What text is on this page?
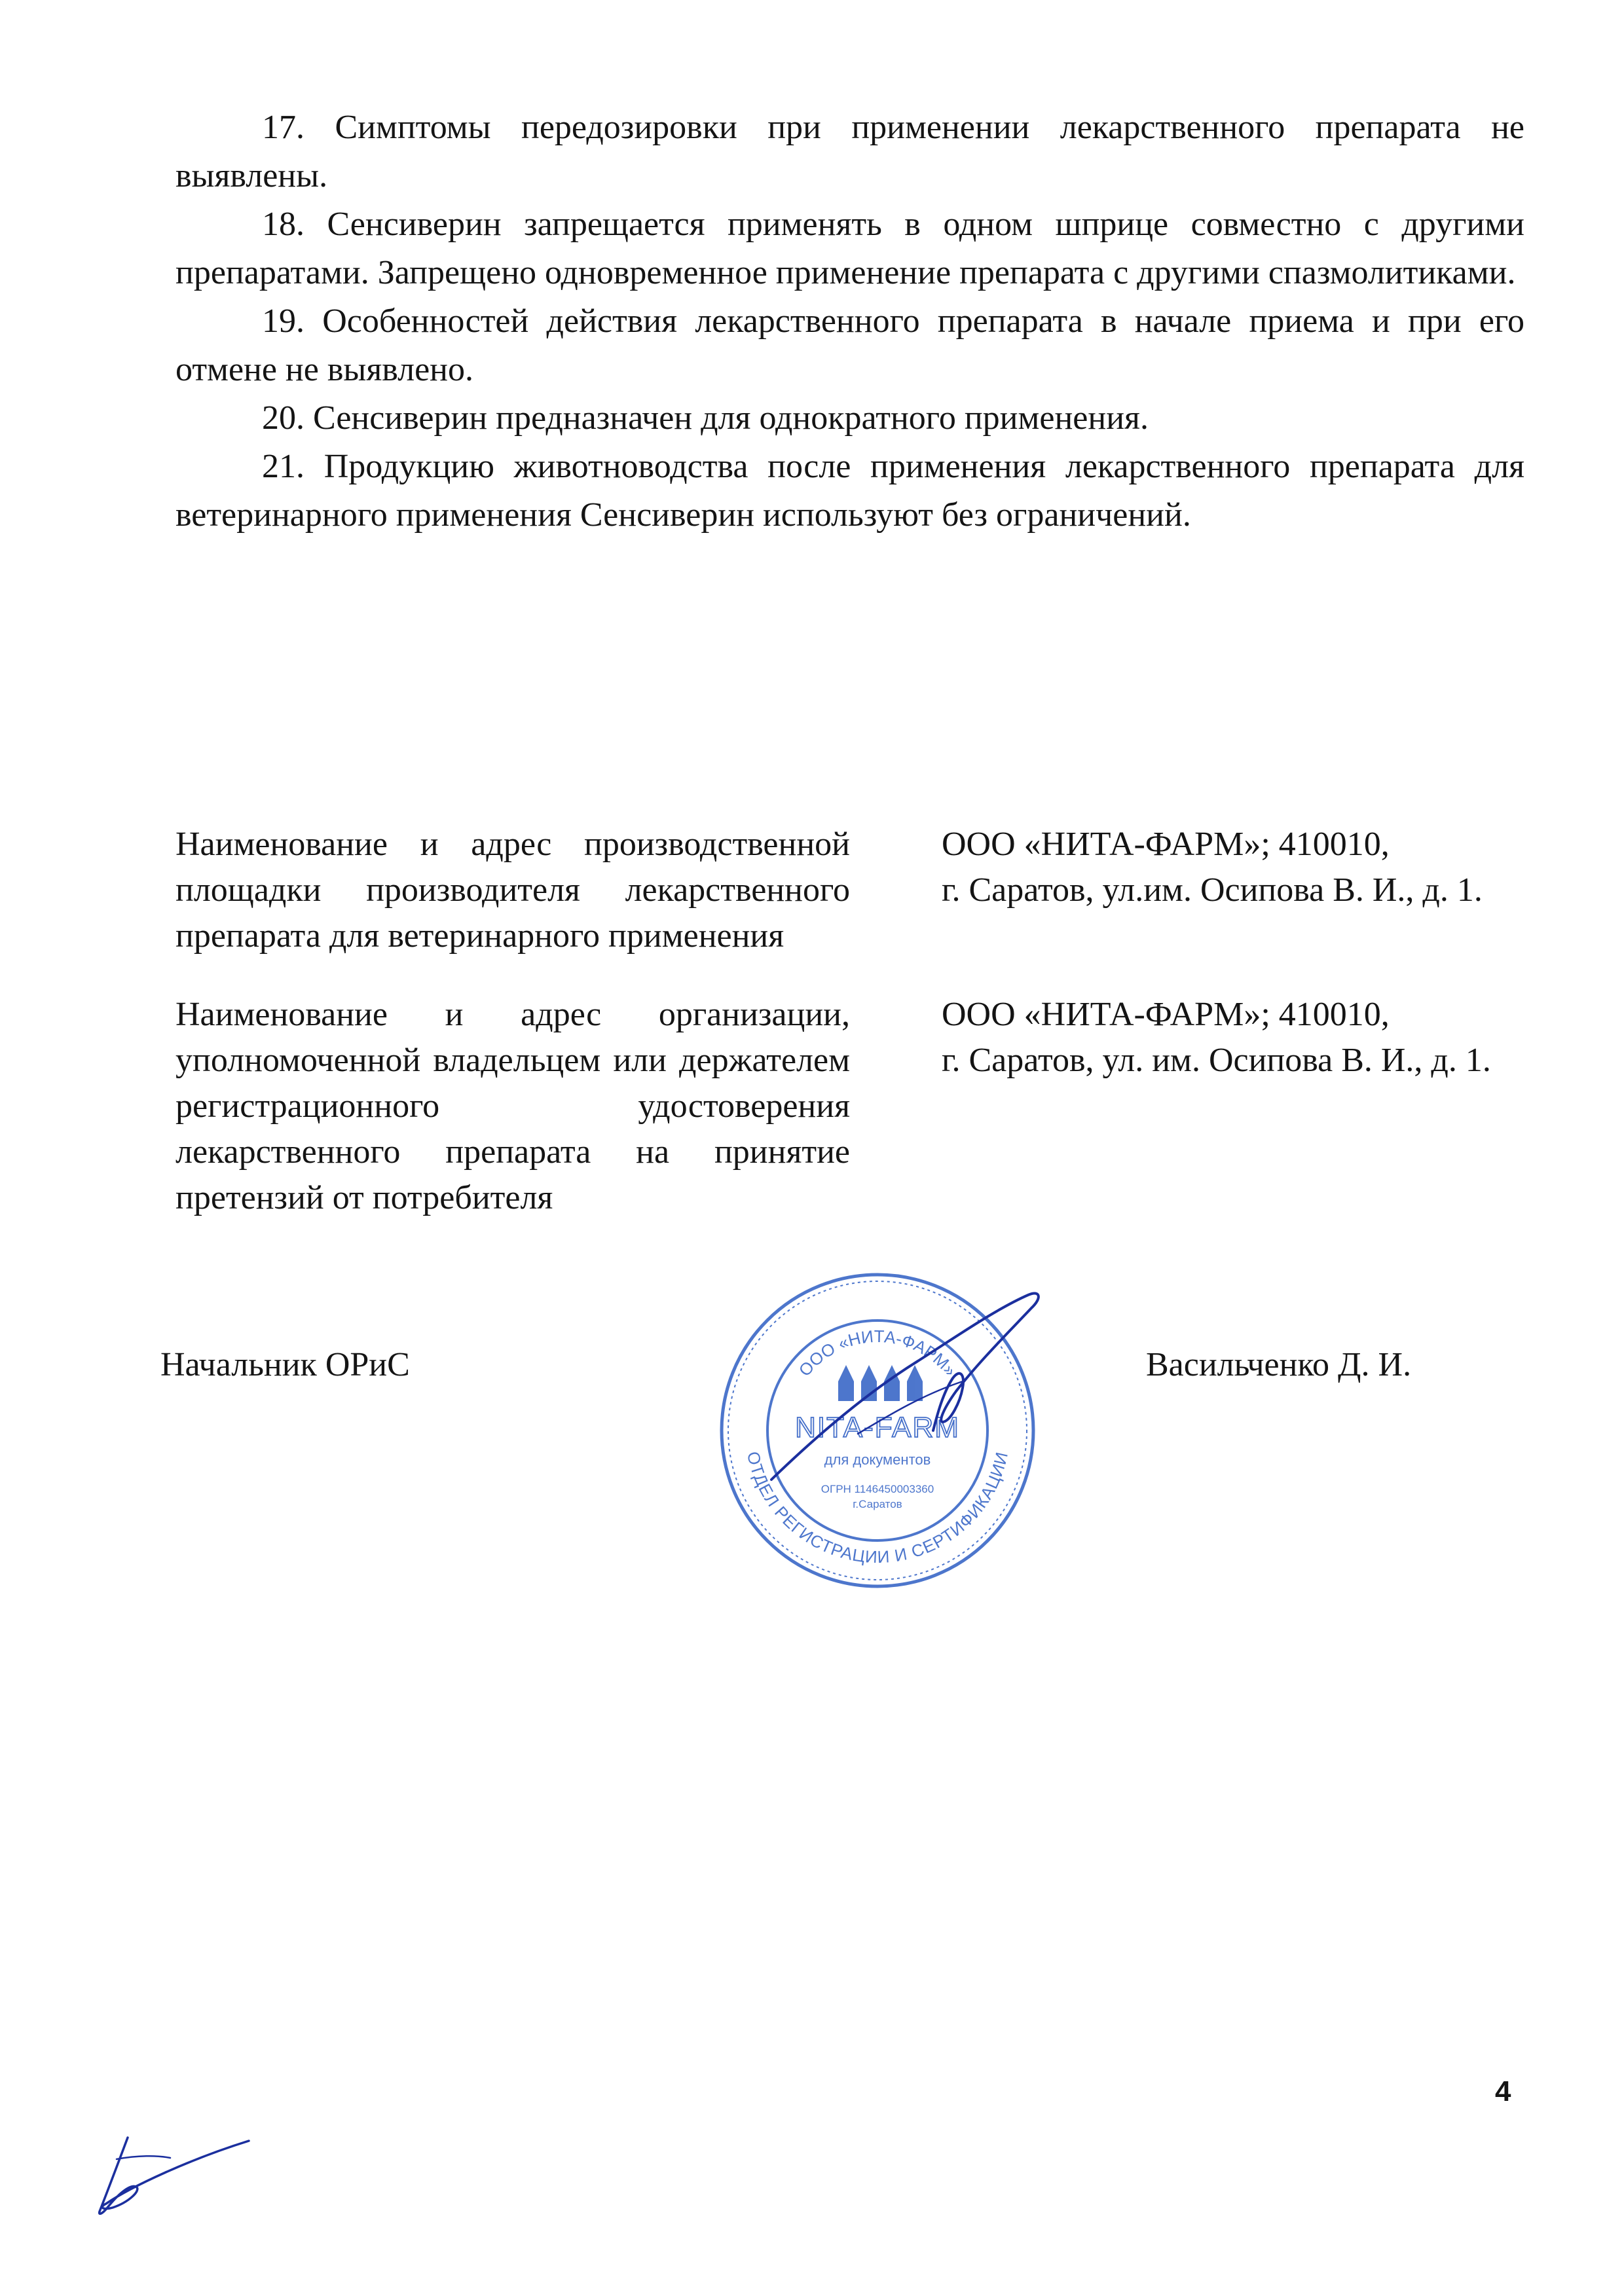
17. Симптомы передозировки при применении лекарственного препарата не выявлены.

18. Сенсиверин запрещается применять в одном шприце совместно с другими препаратами. Запрещено одновременное применение препарата с другими спазмолитиками.

19. Особенностей действия лекарственного препарата в начале приема и при его отмене не выявлено.

20. Сенсиверин предназначен для однократного применения.

21. Продукцию животноводства после применения лекарственного препарата для ветеринарного применения Сенсиверин используют без ограничений.

Наименование и адрес производственной площадки производителя лекарственного препарата для ветеринарного применения
ООО «НИТА-ФАРМ»; 410010,
г. Саратов, ул.им. Осипова В. И., д. 1.
Наименование и адрес организации, уполномоченной владельцем или держателем регистрационного удостоверения лекарственного препарата на принятие претензий от потребителя
ООО «НИТА-ФАРМ»; 410010,
г. Саратов, ул. им. Осипова В. И., д. 1.
Начальник ОРиС	Васильченко Д. И.
ООО «НИТА-ФАРМ»
ОТДЕЛ РЕГИСТРАЦИИ И СЕРТИФИКАЦИИ
NITA-FARM
для документов
ОГРН 1146450003360
г.Саратов
4
